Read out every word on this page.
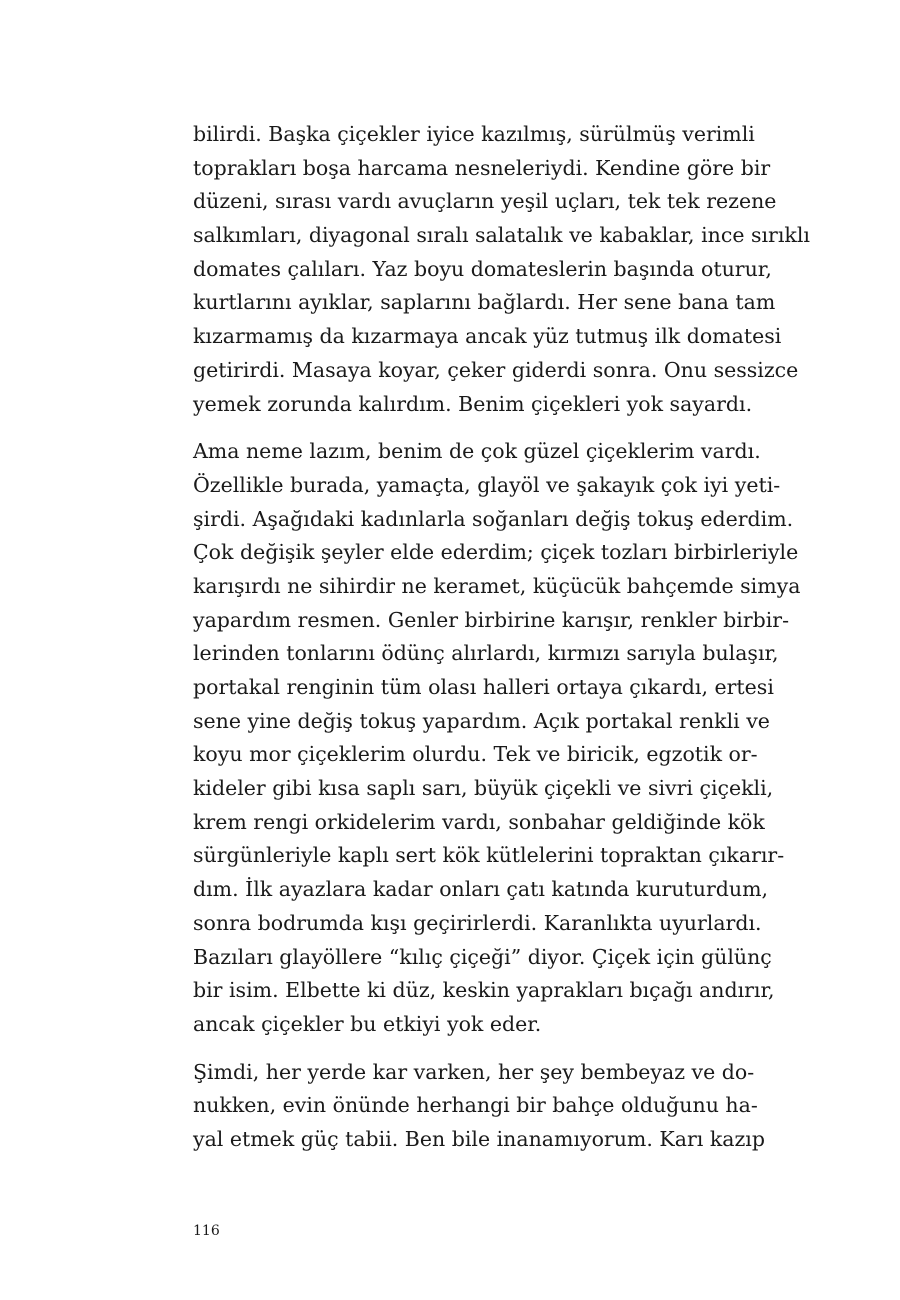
bilirdi. Başka çiçekler iyice kazılmış, sürülmüş verimli
toprakları boşa harcama nesneleriydi. Kendine göre bir
düzeni, sırası vardı avuçların yeşil uçları, tek tek rezene
salkımları, diyagonal sıralı salatalık ve kabaklar, ince sırıklı
domates çalıları. Yaz boyu domateslerin başında oturur,
kurtlarını ayıklar, saplarını bağlardı. Her sene bana tam
kızarmamış da kızarmaya ancak yüz tutmuş ilk domatesi
getirirdi. Masaya koyar, çeker giderdi sonra. Onu sessizce
yemek zorunda kalırdım. Benim çiçekleri yok sayardı.
Ama neme lazım, benim de çok güzel çiçeklerim vardı.
Özellikle burada, yamaçta, glayöl ve şakayık çok iyi yeti-
şirdi. Aşağıdaki kadınlarla soğanları değiş tokuş ederdim.
Çok değişik şeyler elde ederdim; çiçek tozları birbirleriyle
karışırdı ne sihirdir ne keramet, küçücük bahçemde simya
yapardım resmen. Genler birbirine karışır, renkler birbir-
lerinden tonlarını ödünç alırlardı, kırmızı sarıyla bulaşır,
portakal renginin tüm olası halleri ortaya çıkardı, ertesi
sene yine değiş tokuş yapardım. Açık portakal renkli ve
koyu mor çiçeklerim olurdu. Tek ve biricik, egzotik or-
kideler gibi kısa saplı sarı, büyük çiçekli ve sivri çiçekli,
krem rengi orkidelerim vardı, sonbahar geldiğinde kök
sürgünleriyle kaplı sert kök kütlelerini topraktan çıkarır-
dım. İlk ayazlara kadar onları çatı katında kuruturdum,
sonra bodrumda kışı geçirirlerdi. Karanlıkta uyurlardı.
Bazıları glayöllere “kılıç çiçeği” diyor. Çiçek için gülünç
bir isim. Elbette ki düz, keskin yaprakları bıçağı andırır,
ancak çiçekler bu etkiyi yok eder.
Şimdi, her yerde kar varken, her şey bembeyaz ve do-
nukken, evin önünde herhangi bir bahçe olduğunu ha-
yal etmek güç tabii. Ben bile inanamıyorum. Karı kazıp
116
